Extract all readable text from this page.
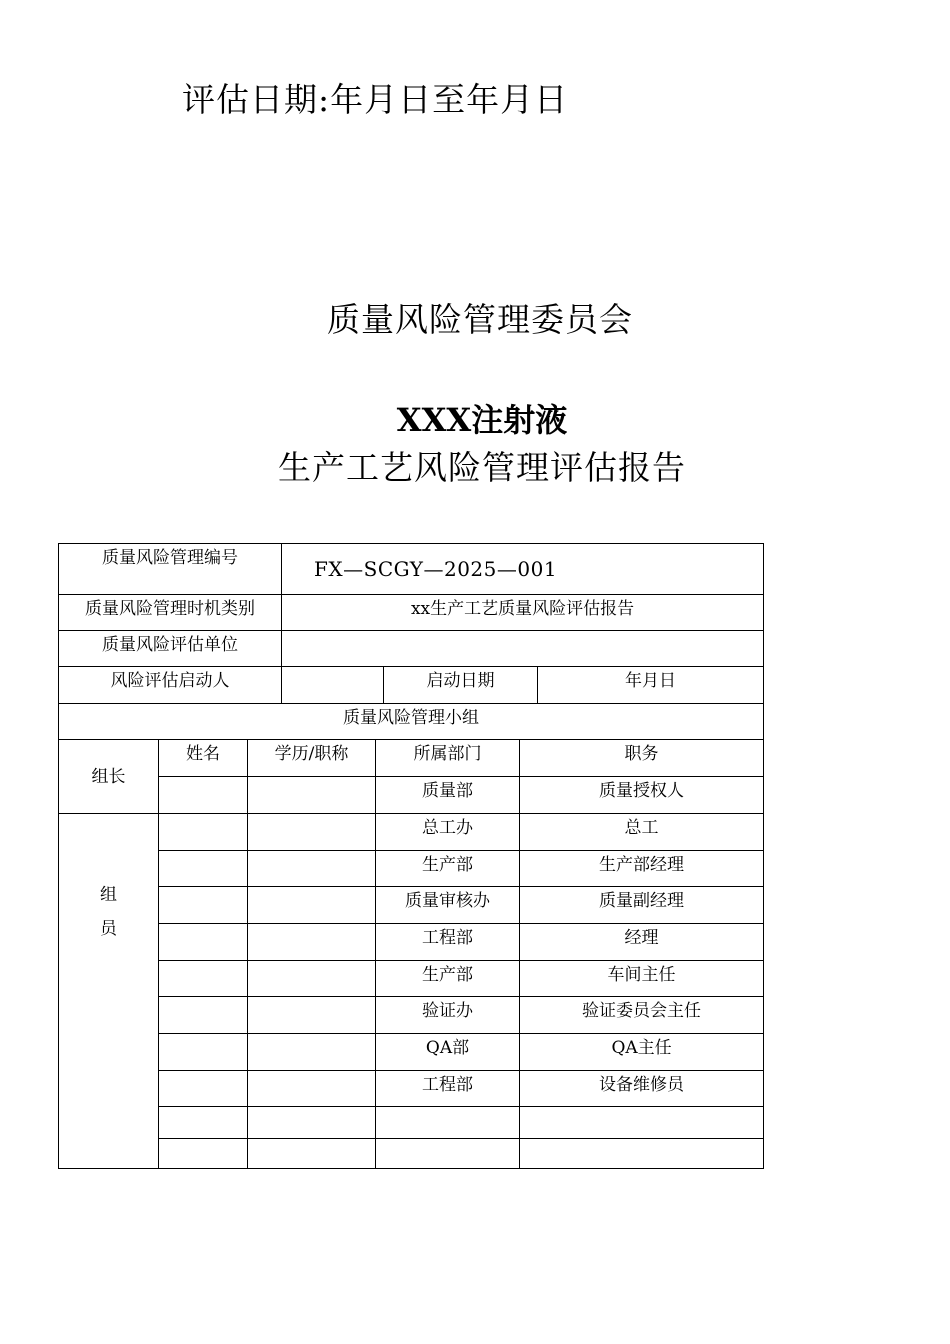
评估日期:年月日至年月日
质量风险管理委员会
XXX注射液
生产工艺风险管理评估报告
质量风险管理编号			FX—SCGY—2025—001				
质量风险管理时机类别			xx生产工艺质量风险评估报告				
质量风险评估单位							
风险评估启动人					启动日期		年月日
质量风险管理小组							
组长	姓名	学历/职称		所属部门		职务	
				质量部		质量授权人	

组
员				总工办		总工	
				生产部		生产部经理	
				质量审核办		质量副经理	
				工程部		经理	
				生产部		车间主任	
				验证办		验证委员会主任	
				QA部		QA主任	
				工程部		设备维修员	
